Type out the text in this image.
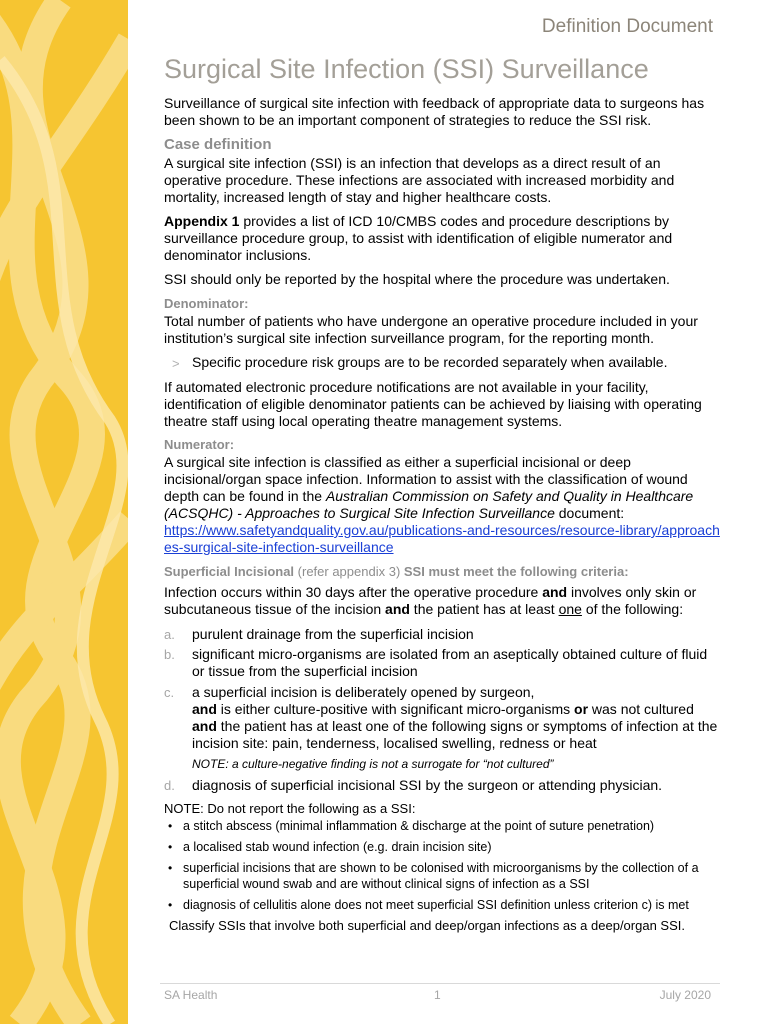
Definition Document
Surgical Site Infection (SSI) Surveillance
Surveillance of surgical site infection with feedback of appropriate data to surgeons has been shown to be an important component of strategies to reduce the SSI risk.
Case definition
A surgical site infection (SSI) is an infection that develops as a direct result of an operative procedure. These infections are associated with increased morbidity and mortality, increased length of stay and higher healthcare costs.
Appendix 1 provides a list of ICD 10/CMBS codes and procedure descriptions by surveillance procedure group, to assist with identification of eligible numerator and denominator inclusions.
SSI should only be reported by the hospital where the procedure was undertaken.
Denominator:
Total number of patients who have undergone an operative procedure included in your institution’s surgical site infection surveillance program, for the reporting month.
> Specific procedure risk groups are to be recorded separately when available.
If automated electronic procedure notifications are not available in your facility, identification of eligible denominator patients can be achieved by liaising with operating theatre staff using local operating theatre management systems.
Numerator:
A surgical site infection is classified as either a superficial incisional or deep incisional/organ space infection. Information to assist with the classification of wound depth can be found in the Australian Commission on Safety and Quality in Healthcare (ACSQHC) - Approaches to Surgical Site Infection Surveillance document:
https://www.safetyandquality.gov.au/publications-and-resources/resource-library/approaches-surgical-site-infection-surveillance
Superficial Incisional (refer appendix 3) SSI must meet the following criteria:
Infection occurs within 30 days after the operative procedure and involves only skin or subcutaneous tissue of the incision and the patient has at least one of the following:
a. purulent drainage from the superficial incision
b. significant micro-organisms are isolated from an aseptically obtained culture of fluid or tissue from the superficial incision
c. a superficial incision is deliberately opened by surgeon,
and is either culture-positive with significant micro-organisms or was not cultured
and the patient has at least one of the following signs or symptoms of infection at the incision site: pain, tenderness, localised swelling, redness or heat
NOTE: a culture-negative finding is not a surrogate for “not cultured”
d. diagnosis of superficial incisional SSI by the surgeon or attending physician.
NOTE: Do not report the following as a SSI:
• a stitch abscess (minimal inflammation & discharge at the point of suture penetration)
• a localised stab wound infection (e.g. drain incision site)
• superficial incisions that are shown to be colonised with microorganisms by the collection of a superficial wound swab and are without clinical signs of infection as a SSI
• diagnosis of cellulitis alone does not meet superficial SSI definition unless criterion c) is met
Classify SSIs that involve both superficial and deep/organ infections as a deep/organ SSI.
SA Health	1	July 2020
